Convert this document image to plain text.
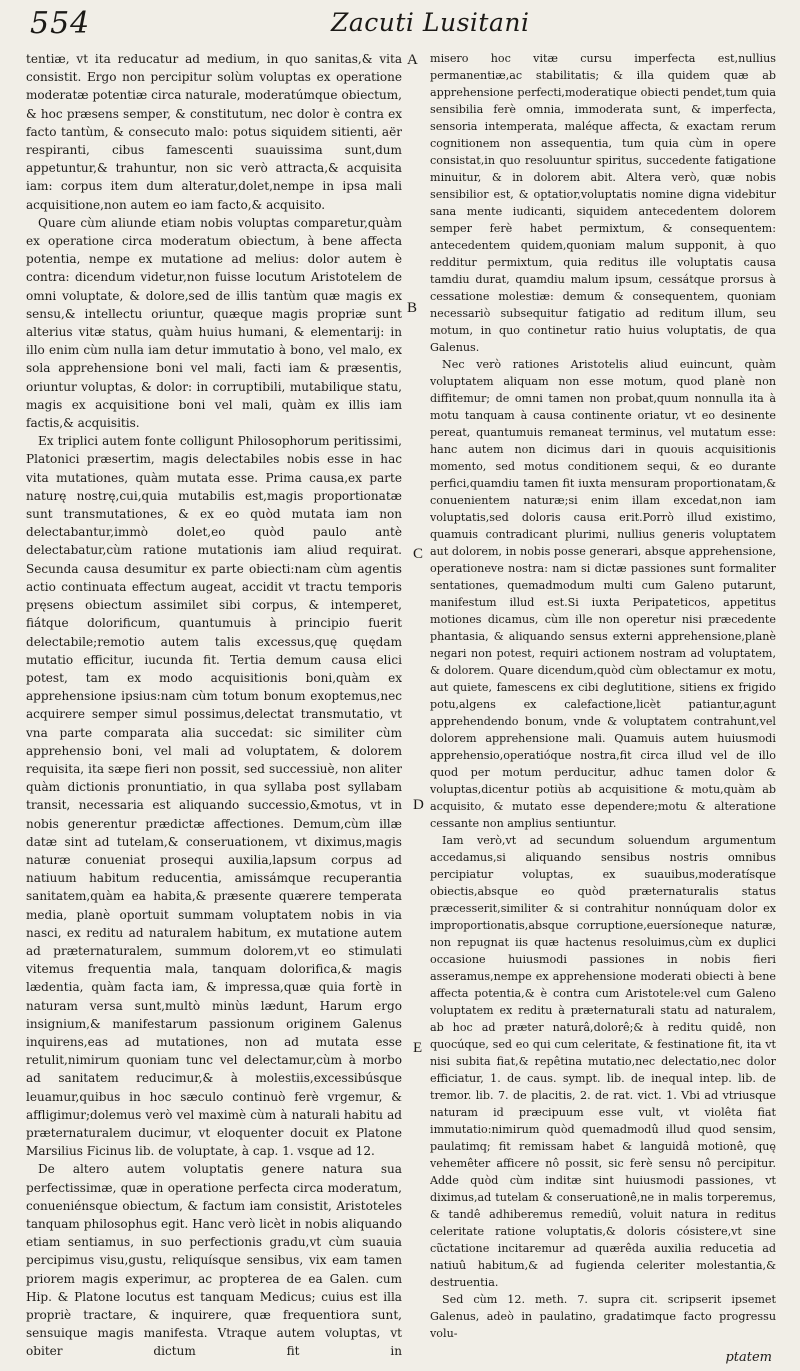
554	Zacuti Lusitani

tentiæ, vt ita reducatur ad medium, in quo sanitas,& vita consistit. Ergo non percipitur solùm voluptas ex operatione moderatæ potentiæ circa naturale, moderatúmque obiectum, & hoc præsens semper, & constitutum, nec dolor è contra ex facto tantùm, & consecuto malo: potus siquidem sitienti, aër respiranti, cibus famescenti suauissima sunt,dum appetuntur,& trahuntur, non sic verò attracta,& acquisita iam: corpus item dum alteratur,dolet,nempe in ipsa mali acquisitione,non autem eo iam facto,& acquisito.

Quare cùm aliunde etiam nobis voluptas comparetur,quàm ex operatione circa moderatum obiectum, à bene affecta potentia, nempe ex mutatione ad melius: dolor autem è contra: dicendum videtur,non fuisse locutum Aristotelem de omni voluptate, & dolore,sed de illis tantùm quæ magis ex sensu,& intellectu oriuntur, quæque magis propriæ sunt alterius vitæ status, quàm huius humani, & elementarij: in illo enim cùm nulla iam detur immutatio à bono, vel malo, ex sola apprehensione boni vel mali, facti iam & præsentis, oriuntur voluptas, & dolor: in corruptibili, mutabilique statu, magis ex acquisitione boni vel mali, quàm ex illis iam factis,& acquisitis.

Ex triplici autem fonte colligunt Philosophorum peritissimi, Platonici præsertim, magis delectabiles nobis esse in hac vita mutationes, quàm mutata esse. Prima causa,ex parte naturę nostrę,cui,quia mutabilis est,magis proportionatæ sunt transmutationes, & ex eo quòd mutata iam non delectabantur,immò dolet,eo quòd paulo antè delectabatur,cùm ratione mutationis iam aliud requirat. Secunda causa desumitur ex parte obiecti:nam cùm agentis actio continuata effectum augeat, accidit vt tractu temporis pręsens obiectum assimilet sibi corpus, & intemperet, fiátque dolorificum, quantumuis à principio fuerit delectabile;remotio autem talis excessus,quę quędam mutatio efficitur, iucunda fit. Tertia demum causa elici potest, tam ex modo acquisitionis boni,quàm ex apprehensione ipsius:nam cùm totum bonum exoptemus,nec acquirere semper simul possimus,delectat transmutatio, vt vna parte comparata alia succedat: sic similiter cùm apprehensio boni, vel mali ad voluptatem, & dolorem requisita, ita sæpe fieri non possit, sed successiuè, non aliter quàm dictionis pronuntiatio, in qua syllaba post syllabam transit, necessaria est aliquando successio,&motus, vt in nobis generentur prædictæ affectiones. Demum,cùm illæ datæ sint ad tutelam,& conseruationem, vt diximus,magis naturæ conueniat prosequi auxilia,lapsum corpus ad natiuum habitum reducentia, amissámque recuperantia sanitatem,quàm ea habita,& præsente quærere temperata media, planè oportuit summam voluptatem nobis in via nasci, ex reditu ad naturalem habitum, ex mutatione autem ad præternaturalem, summum dolorem,vt eo stimulati vitemus frequentia mala, tanquam dolorifica,& magis lædentia, quàm facta iam, & impressa,quæ quia fortè in naturam versa sunt,multò minùs lædunt, Harum ergo insignium,& manifestarum passionum originem Galenus inquirens,eas ad mutationes, non ad mutata esse retulit,nimirum quoniam tunc vel delectamur,cùm à morbo ad sanitatem reducimur,& à molestiis,excessibúsque leuamur,quibus in hoc sæculo continuò ferè vrgemur, & affligimur;dolemus verò vel maximè cùm à naturali habitu ad præternaturalem ducimur, vt eloquenter docuit ex Platone Marsilius Ficinus lib. de voluptate, à cap. 1. vsque ad 12.

De altero autem voluptatis genere natura sua perfectissimæ, quæ in operatione perfecta circa moderatum, conueniénsque obiectum, & factum iam consistit, Aristoteles tanquam philosophus egit. Hanc verò licèt in nobis aliquando etiam sentiamus, in suo perfectionis gradu,vt cùm suauia percipimus visu,gustu, reliquísque sensibus, vix eam tamen priorem magis experimur, ac propterea de ea Galen. cum Hip. & Platone locutus est tanquam Medicus; cuius est illa propriè tractare, & inquirere, quæ frequentiora sunt, sensuique magis manifesta. Vtraque autem voluptas, vt obiter dictum fit in

misero hoc vitæ cursu imperfecta est,nullius permanentiæ,ac stabilitatis; & illa quidem quæ ab apprehensione perfecti,moderatique obiecti pendet,tum quia sensibilia ferè omnia, immoderata sunt, & imperfecta, sensoria intemperata, maléque affecta, & exactam rerum cognitionem non assequentia, tum quia cùm in opere consistat,in quo resoluuntur spiritus, succedente fatigatione minuitur, & in dolorem abit. Altera verò, quæ nobis sensibilior est, & optatior,voluptatis nomine digna videbitur sana mente iudicanti, siquidem antecedentem dolorem semper ferè habet permixtum, & consequentem: antecedentem quidem,quoniam malum supponit, à quo redditur permixtum, quia reditus ille voluptatis causa tamdiu durat, quamdiu malum ipsum, cessátque prorsus à cessatione molestiæ: demum & consequentem, quoniam necessariò subsequitur fatigatio ad reditum illum, seu motum, in quo continetur ratio huius voluptatis, de qua Galenus.

Nec verò rationes Aristotelis aliud euincunt, quàm voluptatem aliquam non esse motum, quod planè non diffitemur; de omni tamen non probat,quum nonnulla ita à motu tanquam à causa continente oriatur, vt eo desinente pereat, quantumuis remaneat terminus, vel mutatum esse: hanc autem non dicimus dari in quouis acquisitionis momento, sed motus conditionem sequi, & eo durante perfici,quamdiu tamen fit iuxta mensuram proportionatam,& conuenientem naturæ;si enim illam excedat,non iam voluptatis,sed doloris causa erit.Porrò illud existimo, quamuis contradicant plurimi, nullius generis voluptatem aut dolorem, in nobis posse generari, absque apprehensione, operationeve nostra: nam si dictæ passiones sunt formaliter sentationes, quemadmodum multi cum Galeno putarunt, manifestum illud est.Si iuxta Peripateticos, appetitus motiones dicamus, cùm ille non operetur nisi præcedente phantasia, & aliquando sensus externi apprehensione,planè negari non potest, requiri actionem nostram ad voluptatem, & dolorem. Quare dicendum,quòd cùm oblectamur ex motu, aut quiete, famescens ex cibi deglutitione, sitiens ex frigido potu,algens ex calefactione,licèt patiantur,agunt apprehendendo bonum, vnde & voluptatem contrahunt,vel dolorem apprehensione mali. Quamuis autem huiusmodi apprehensio,operatióque nostra,fit circa illud vel de illo quod per motum perducitur, adhuc tamen dolor & voluptas,dicentur potiùs ab acquisitione & motu,quàm ab acquisito, & mutato esse dependere;motu & alteratione cessante non amplius sentiuntur.

Iam verò,vt ad secundum soluendum argumentum accedamus,si aliquando sensibus nostris omnibus percipiatur voluptas, ex suauibus,moderatísque obiectis,absque eo quòd præternaturalis status præcesserit,similiter & si contrahitur nonnúquam dolor ex improportionatis,absque corruptione,euersíoneque naturæ, non repugnat iis quæ hactenus resoluimus,cùm ex duplici occasione huiusmodi passiones in nobis fieri asseramus,nempe ex apprehensione moderati obiecti à bene affecta potentia,& è contra cum Aristotele:vel cum Galeno voluptatem ex reditu à præternaturali statu ad naturalem, ab hoc ad præter naturâ,dolorê;& à reditu quidê, non quocúque, sed eo qui cum celeritate, & festinatione fit, ita vt nisi subita fiat,& repêtina mutatio,nec delectatio,nec dolor efficiatur, 1. de caus. sympt. lib. de inequal intep. lib. de tremor. lib. 7. de placitis, 2. de rat. vict. 1. Vbi ad vtriusque naturam id præcipuum esse vult, vt violêta fiat immutatio:nimirum quòd quemadmodû illud quod sensim, paulatimq; fit remissam habet & languidâ motionê, quę vehemêter afficere nô possit, sic ferè sensu nô percipitur. Adde quòd cùm inditæ sint huiusmodi passiones, vt diximus,ad tutelam & conseruationê,ne in malis torperemus, & tandê adhiberemus remediû, voluit natura in reditus celeritate ratione voluptatis,& doloris cósistere,vt sine cũctatione incitaremur ad quærêda auxilia reducetia ad natiuû habitum,& ad fugienda celeriter molestantia,& destruentia.

Sed cùm 12. meth. 7. supra cit. scripserit ipsemet Galenus, adeò in paulatino, gradatimque facto progressu volu-

A
B
C
D
E
ptatem
